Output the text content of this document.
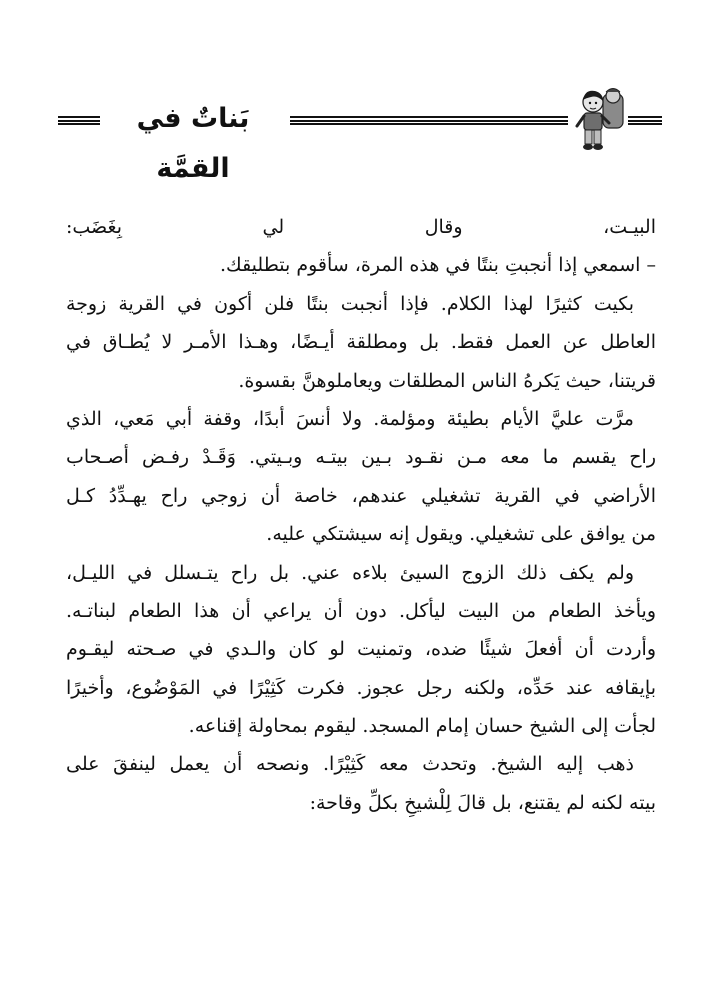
بَناتٌ في القمَّة
البيـت، وقال لي بِغَضَب:
– اسمعي إذا أنجبتِ بنتًا في هذه المرة، سأقوم بتطليقك.
بكيت كثيرًا لهذا الكلام. فإذا أنجبت بنتًا فلن أكون في القرية زوجة
العاطل عن العمل فقط. بل ومطلقة أيـضًا، وهـذا الأمـر لا يُطـاق في
قريتنا، حيث يَكرهُ الناس المطلقات ويعاملوهنَّ بقسوة.
مرَّت عليَّ الأيام بطيئة ومؤلمة. ولا أنسَ أبدًا، وقفة أبي مَعي، الذي
راح يقسم ما معه مـن نقـود بـين بيتـه وبـيتي. وَقَـدْ رفـض أصـحاب
الأراضي في القرية تشغيلي عندهم، خاصة أن زوجي راح يهـدِّدُ كـل
من يوافق على تشغيلي. ويقول إنه سيشتكي عليه.
ولم يكف ذلك الزوج السيئ بلاءه عني. بل راح يتـسلل في الليـل،
ويأخذ الطعام من البيت ليأكل. دون أن يراعي أن هذا الطعام لبناتـه.
وأردت أن أفعلَ شيئًا ضده، وتمنيت لو كان والـدي في صـحته ليقـوم
بإيقافه عند حَدِّه، ولكنه رجل عجوز. فكرت كَثِيْرًا في المَوْضُوع، وأخيرًا
لجأت إلى الشيخ حسان إمام المسجد. ليقوم بمحاولة إقناعه.
ذهب إليه الشيخ. وتحدث معه كَثِيْرًا. ونصحه أن يعمل لينفقَ على
بيته لكنه لم يقتنع، بل قالَ لِلْشيخِ بكلِّ وقاحة:
